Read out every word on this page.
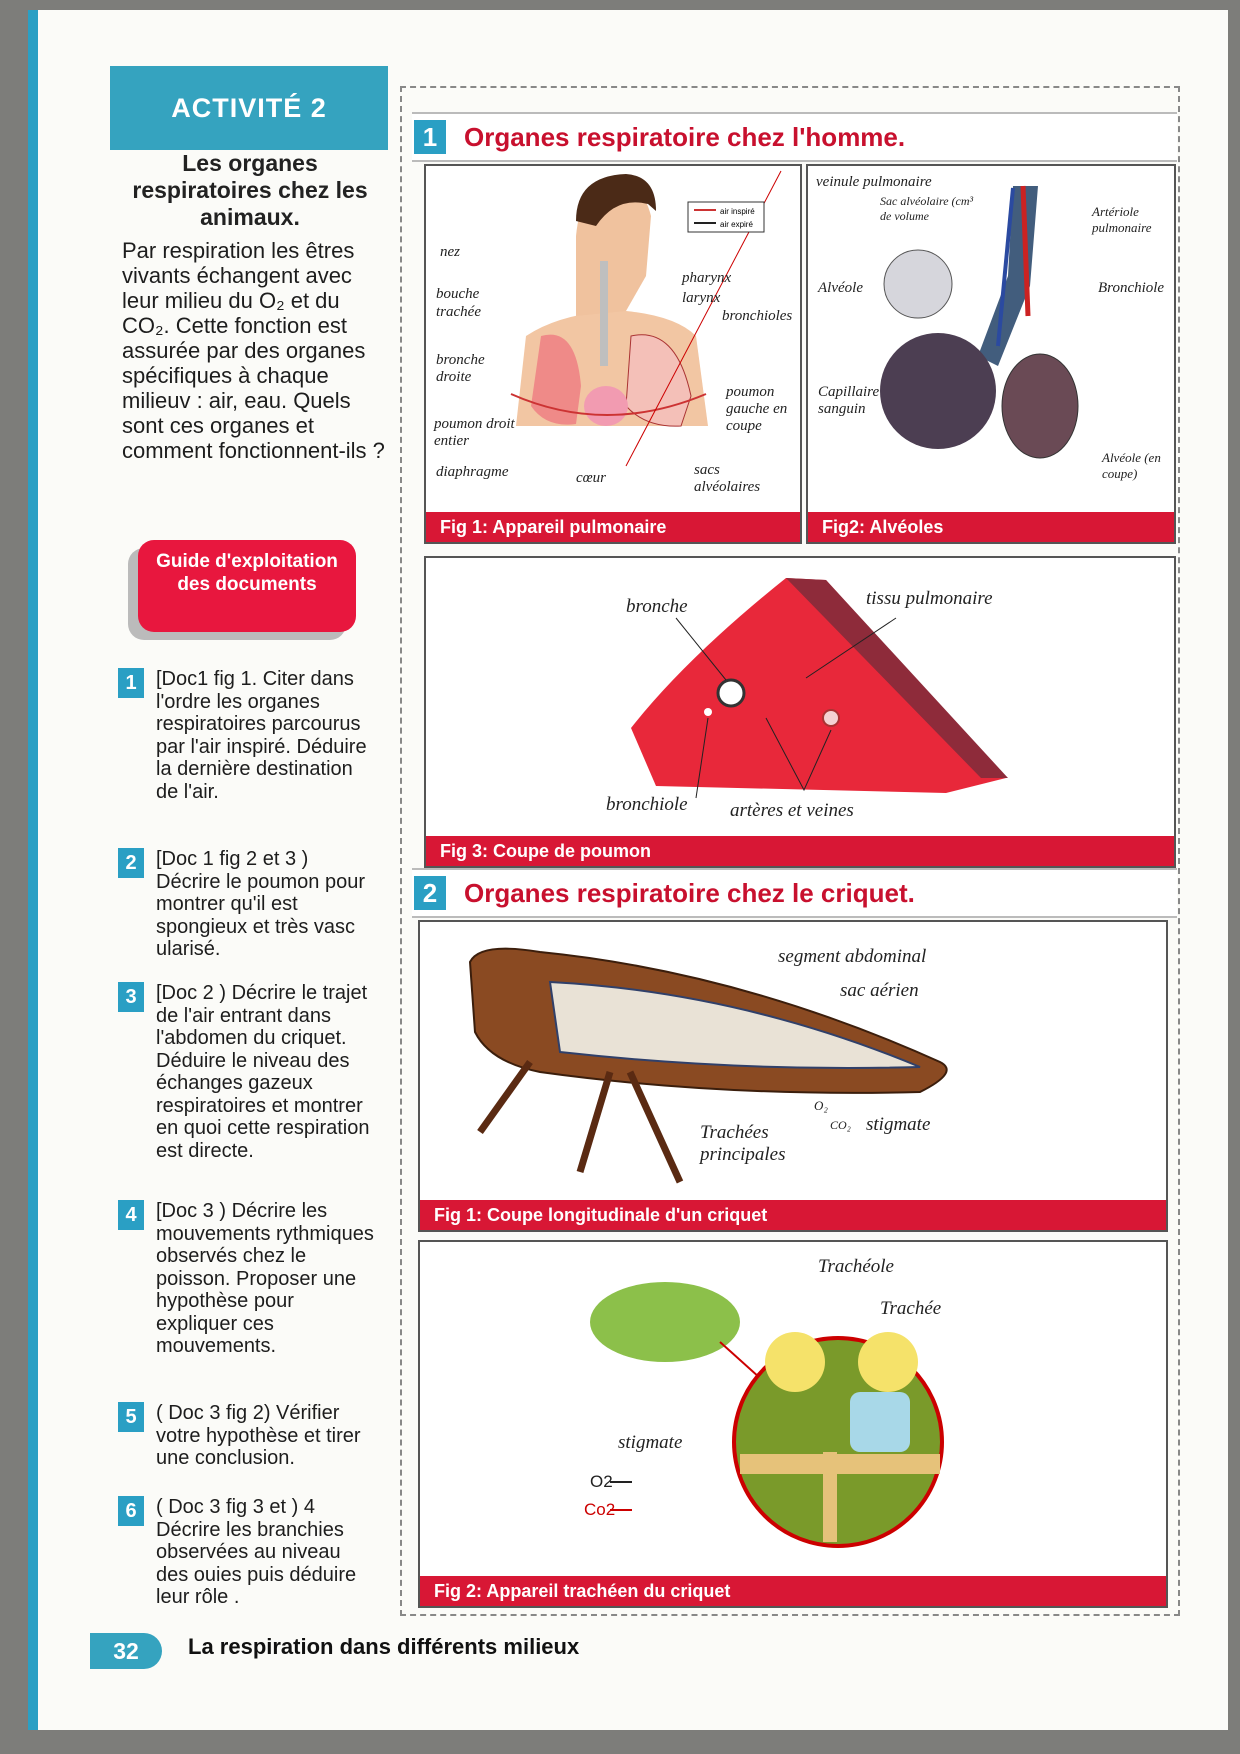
ACTIVITÉ 2
Les organes respiratoires chez les animaux.
Par respiration les êtres vivants échangent avec leur milieu du O₂ et du CO₂. Cette fonction est assurée par des organes spécifiques à chaque milieuv : air, eau. Quels sont ces organes et comment fonctionnent-ils ?
Guide d'exploitation des documents
1 [Doc1 fig 1. Citer dans l'ordre les organes respiratoires parcourus par l'air inspiré. Déduire la dernière destination de l'air.
2 [Doc 1 fig 2 et 3 ) Décrire le poumon pour montrer qu'il est spongieux et très vasc ularisé.
3 [Doc 2 ) Décrire le trajet de l'air entrant dans l'abdomen du criquet. Déduire le niveau des échanges gazeux respiratoires et montrer en quoi cette respiration est directe.
4 [Doc 3 ) Décrire les mouvements rythmiques observés chez le poisson. Proposer une hypothèse pour expliquer ces mouvements.
5 ( Doc 3 fig 2) Vérifier votre hypothèse et tirer une conclusion.
6 ( Doc 3 fig 3 et ) 4 Décrire les branchies observées au niveau des ouies puis déduire leur rôle .
1	Organes respiratoire chez l'homme.
air inspiré
air expiré
nez
bouche
trachée
bronche droite
poumon droit entier
diaphragme	cœur	sacs alvéolaires
pharynx
larynx
bronchioles
poumon gauche en coupe
Fig 1: Appareil pulmonaire
veinule pulmonaire
Sac alvéolaire (cm³ de volume	Artériole pulmonaire
Alvéole	Bronchiole
Capillaire sanguin
Alvéole (en coupe)
Fig2: Alvéoles
bronche	tissu pulmonaire
bronchiole artères et veines
Fig 3: Coupe de poumon
2	Organes respiratoire chez le criquet.
segment abdominal
sac aérien
Trachées principales
O₂
CO₂ stigmate
Fig 1: Coupe longitudinale d'un criquet
Trachéole
Trachée
stigmate
O2
Co2
Fig 2: Appareil trachéen du criquet
32	La respiration dans différents milieux
